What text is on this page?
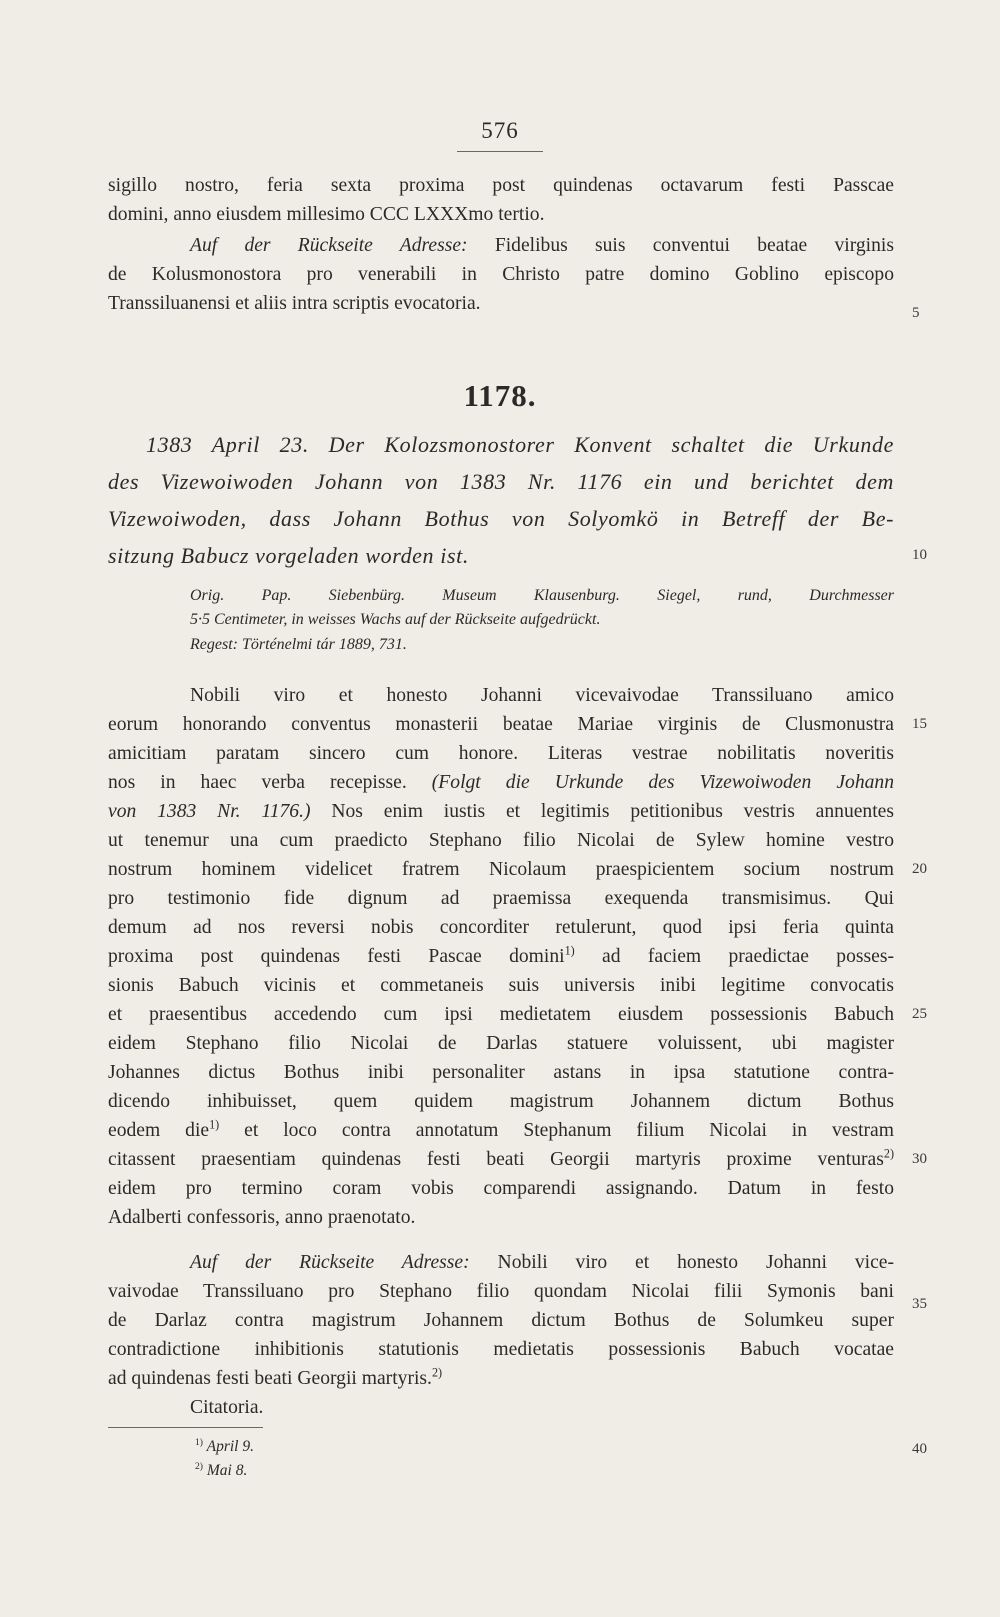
576
sigillo nostro, feria sexta proxima post quindenas octavarum festi Passcae
domini, anno eiusdem millesimo CCC LXXXmo tertio.
Auf der Rückseite Adresse: Fidelibus suis conventui beatae virginis
de Kolusmonostora pro venerabili in Christo patre domino Goblino episcopo
Transsiluanensi et aliis intra scriptis evocatoria.
1178.
1383 April 23. Der Kolozsmonostorer Konvent schaltet die Urkunde
des Vizewoiwoden Johann von 1383 Nr. 1176 ein und berichtet dem
Vizewoiwoden, dass Johann Bothus von Solyomkö in Betreff der Be-
sitzung Babucz vorgeladen worden ist.
Orig. Pap. Siebenbürg. Museum Klausenburg. Siegel, rund, Durchmesser
5·5 Centimeter, in weisses Wachs auf der Rückseite aufgedrückt.
Regest: Történelmi tár 1889, 731.
Nobili viro et honesto Johanni vicevaivodae Transsiluano amico
eorum honorando conventus monasterii beatae Mariae virginis de Clusmonustra
amicitiam paratam sincero cum honore. Literas vestrae nobilitatis noveritis
nos in haec verba recepisse. (Folgt die Urkunde des Vizewoiwoden Johann
von 1383 Nr. 1176.) Nos enim iustis et legitimis petitionibus vestris annuentes
ut tenemur una cum praedicto Stephano filio Nicolai de Sylew homine vestro
nostrum hominem videlicet fratrem Nicolaum praespicientem socium nostrum
pro testimonio fide dignum ad praemissa exequenda transmisimus. Qui
demum ad nos reversi nobis concorditer retulerunt, quod ipsi feria quinta
proxima post quindenas festi Pascae domini$^{1)}$ ad faciem praedictae posses-
sionis Babuch vicinis et commetaneis suis universis inibi legitime convocatis
et praesentibus accedendo cum ipsi medietatem eiusdem possessionis Babuch
eidem Stephano filio Nicolai de Darlas statuere voluissent, ubi magister
Johannes dictus Bothus inibi personaliter astans in ipsa statutione contra-
dicendo inhibuisset, quem quidem magistrum Johannem dictum Bothus
eodem die$^{1)}$ et loco contra annotatum Stephanum filium Nicolai in vestram
citassent praesentiam quindenas festi beati Georgii martyris proxime venturas$^{2)}$
eidem pro termino coram vobis comparendi assignando. Datum in festo
Adalberti confessoris, anno praenotato.
Auf der Rückseite Adresse: Nobili viro et honesto Johanni vice-
vaivodae Transsiluano pro Stephano filio quondam Nicolai filii Symonis bani
de Darlaz contra magistrum Johannem dictum Bothus de Solumkeu super
contradictione inhibitionis statutionis medietatis possessionis Babuch vocatae
ad quindenas festi beati Georgii martyris.$^{2)}$
Citatoria.
$^{1)}$ April 9.
$^{2)}$ Mai 8.
5
10
15
20
25
30
35
40
